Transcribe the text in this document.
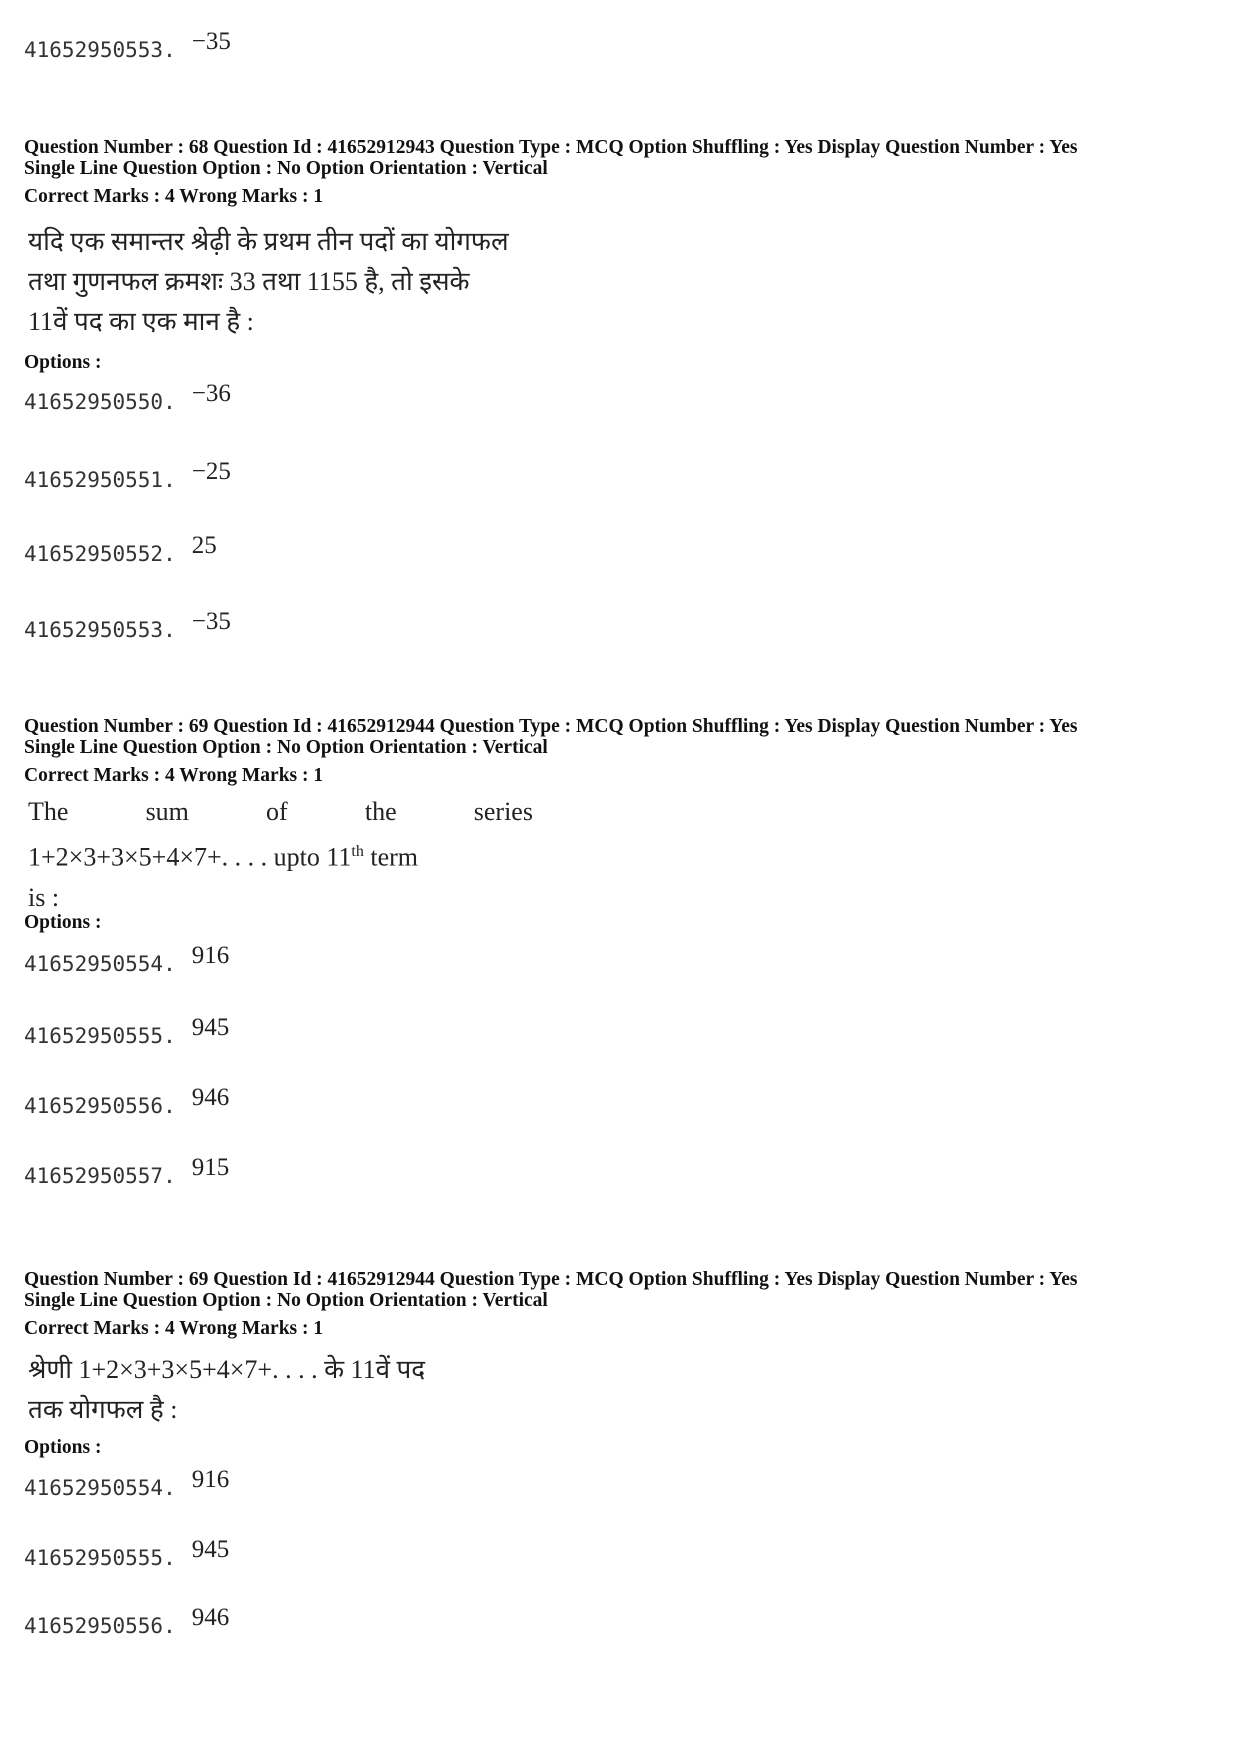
41652950553. −35
Question Number : 68 Question Id : 41652912943 Question Type : MCQ Option Shuffling : Yes Display Question Number : Yes
Single Line Question Option : No Option Orientation : Vertical
Correct Marks : 4 Wrong Marks : 1
यदि एक समान्तर श्रेढ़ी के प्रथम तीन पदों का योगफल
तथा गुणनफल क्रमशः 33 तथा 1155 है, तो इसके
11वें पद का एक मान है :
Options :
41652950550. −36
41652950551. −25
41652950552. 25
41652950553. −35
Question Number : 69 Question Id : 41652912944 Question Type : MCQ Option Shuffling : Yes Display Question Number : Yes
Single Line Question Option : No Option Orientation : Vertical
Correct Marks : 4 Wrong Marks : 1
The	sum	of	the	series
1+2×3+3×5+4×7+. . . . upto 11th term
is :
Options :
41652950554. 916
41652950555. 945
41652950556. 946
41652950557. 915
Question Number : 69 Question Id : 41652912944 Question Type : MCQ Option Shuffling : Yes Display Question Number : Yes
Single Line Question Option : No Option Orientation : Vertical
Correct Marks : 4 Wrong Marks : 1
श्रेणी 1+2×3+3×5+4×7+. . . . के 11वें पद
तक योगफल है :
Options :
41652950554. 916
41652950555. 945
41652950556. 946
